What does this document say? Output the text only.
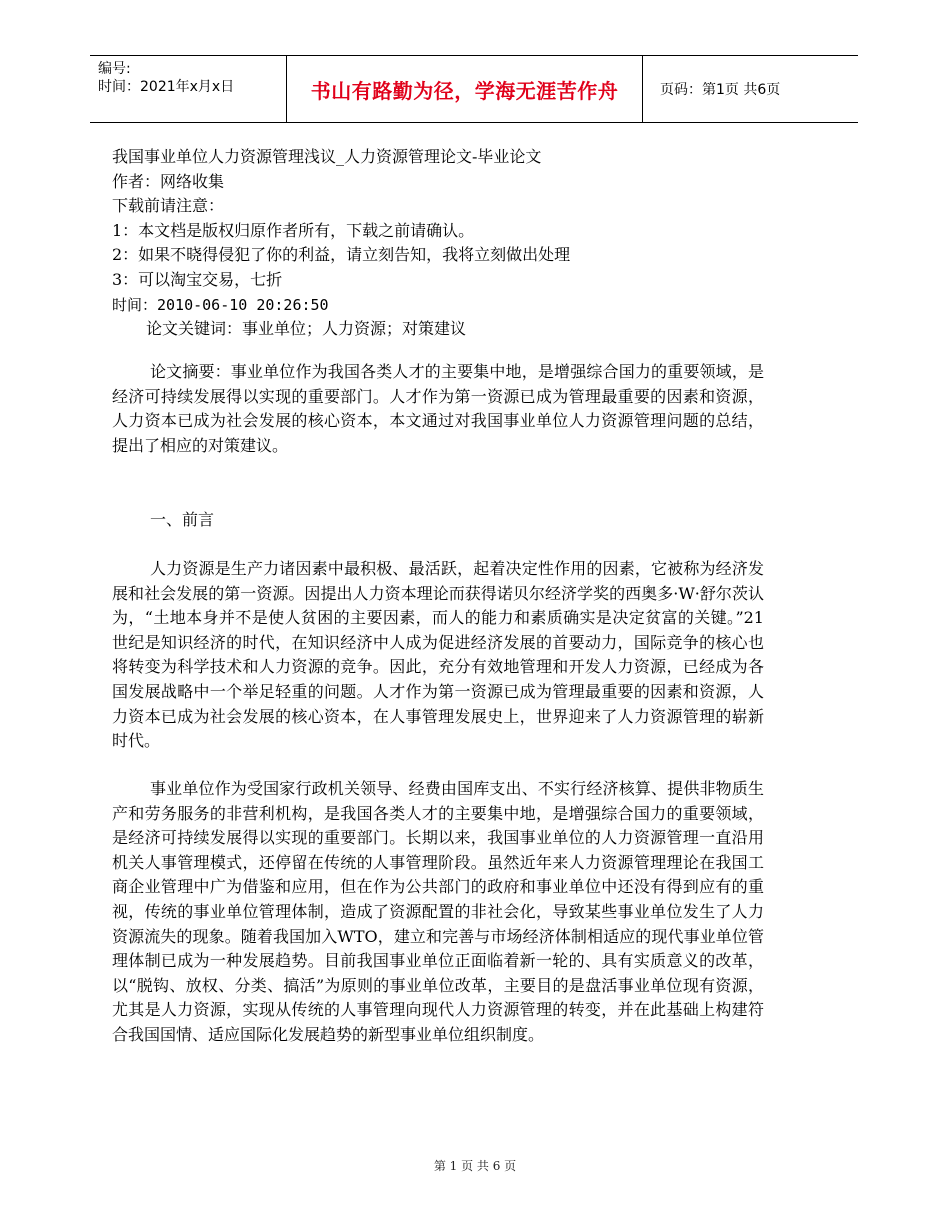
编号:
时间：2021年x月x日	书山有路勤为径，学海无涯苦作舟	页码：第1页 共6页
我国事业单位人力资源管理浅议_人力资源管理论文-毕业论文
作者：网络收集
下载前请注意：
1：本文档是版权归原作者所有，下载之前请确认。
2：如果不晓得侵犯了你的利益，请立刻告知，我将立刻做出处理
3：可以淘宝交易，七折
时间：2010-06-10 20:26:50
论文关键词：事业单位；人力资源；对策建议
论文摘要：事业单位作为我国各类人才的主要集中地，是增强综合国力的重要领域，是经济可持续发展得以实现的重要部门。人才作为第一资源已成为管理最重要的因素和资源，人力资本已成为社会发展的核心资本，本文通过对我国事业单位人力资源管理问题的总结，提出了相应的对策建议。
一、前言
人力资源是生产力诸因素中最积极、最活跃，起着决定性作用的因素，它被称为经济发展和社会发展的第一资源。因提出人力资本理论而获得诺贝尔经济学奖的西奥多·W·舒尔茨认为，“土地本身并不是使人贫困的主要因素，而人的能力和素质确实是决定贫富的关键。”21世纪是知识经济的时代，在知识经济中人成为促进经济发展的首要动力，国际竞争的核心也将转变为科学技术和人力资源的竞争。因此，充分有效地管理和开发人力资源，已经成为各国发展战略中一个举足轻重的问题。人才作为第一资源已成为管理最重要的因素和资源，人力资本已成为社会发展的核心资本，在人事管理发展史上，世界迎来了人力资源管理的崭新时代。
事业单位作为受国家行政机关领导、经费由国库支出、不实行经济核算、提供非物质生产和劳务服务的非营利机构，是我国各类人才的主要集中地，是增强综合国力的重要领域，是经济可持续发展得以实现的重要部门。长期以来，我国事业单位的人力资源管理一直沿用机关人事管理模式，还停留在传统的人事管理阶段。虽然近年来人力资源管理理论在我国工商企业管理中广为借鉴和应用，但在作为公共部门的政府和事业单位中还没有得到应有的重视，传统的事业单位管理体制，造成了资源配置的非社会化，导致某些事业单位发生了人力资源流失的现象。随着我国加入WTO，建立和完善与市场经济体制相适应的现代事业单位管理体制已成为一种发展趋势。目前我国事业单位正面临着新一轮的、具有实质意义的改革，以“脱钩、放权、分类、搞活”为原则的事业单位改革，主要目的是盘活事业单位现有资源，尤其是人力资源，实现从传统的人事管理向现代人力资源管理的转变，并在此基础上构建符合我国国情、适应国际化发展趋势的新型事业单位组织制度。
第 1 页 共 6 页
